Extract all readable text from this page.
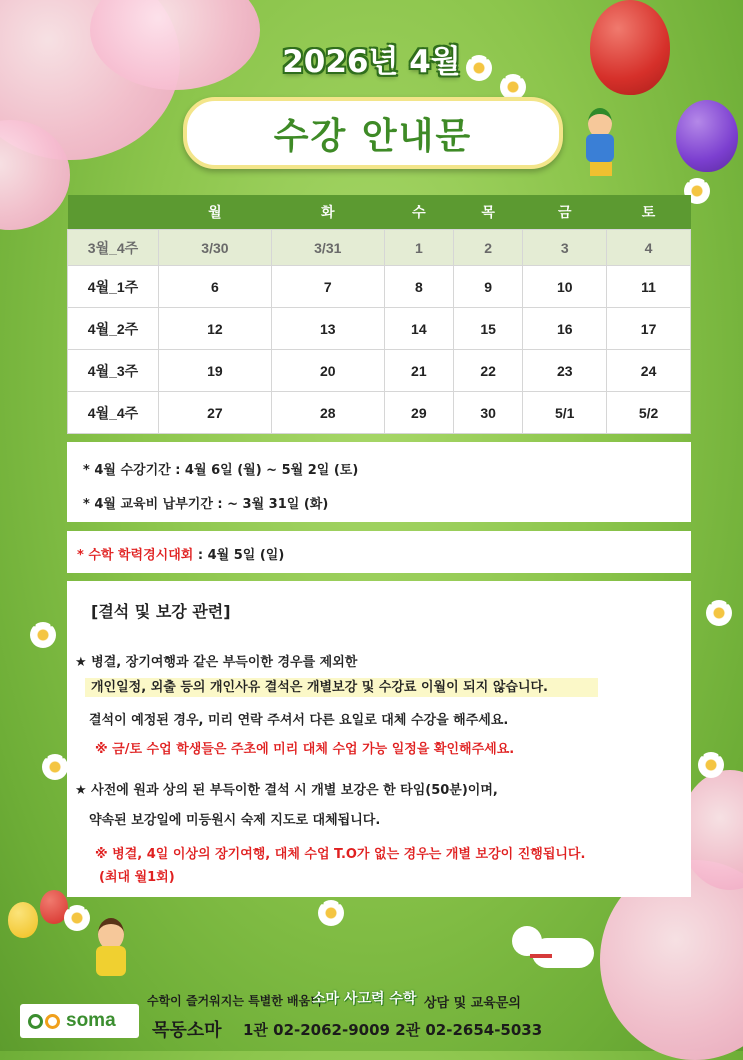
2026년 4월
수강 안내문
	월	화	수	목	금	토
3월_4주	3/30	3/31	1	2	3	4
4월_1주	6	7	8	9	10	11
4월_2주	12	13	14	15	16	17
4월_3주	19	20	21	22	23	24
4월_4주	27	28	29	30	5/1	5/2
* 4월 수강기간 : 4월 6일 (월) ~ 5월 2일 (토)
* 4월 교육비 납부기간 : ~ 3월 31일 (화)
* 수학 학력경시대회 : 4월 5일 (일)
[결석 및 보강 관련]
★ 병결, 장기여행과 같은 부득이한 경우를 제외한
개인일정, 외출 등의 개인사유 결석은 개별보강 및 수강료 이월이 되지 않습니다.
결석이 예정된 경우, 미리 연락 주셔서 다른 요일로 대체 수강을 해주세요.
※ 금/토 수업 학생들은 주초에 미리 대체 수업 가능 일정을 확인해주세요.
★ 사전에 원과 상의 된 부득이한 결석 시 개별 보강은 한 타임(50분)이며,
약속된 보강일에 미등원시 숙제 지도로 대체됩니다.
※ 병결, 4일 이상의 장기여행, 대체 수업 T.O가 없는 경우는 개별 보강이 진행됩니다.
(최대 월1회)
soma
수학이 즐거워지는 특별한 배움터
소마 사고력 수학 상담 및 교육문의
목동소마 1관 02-2062-9009 2관 02-2654-5033
